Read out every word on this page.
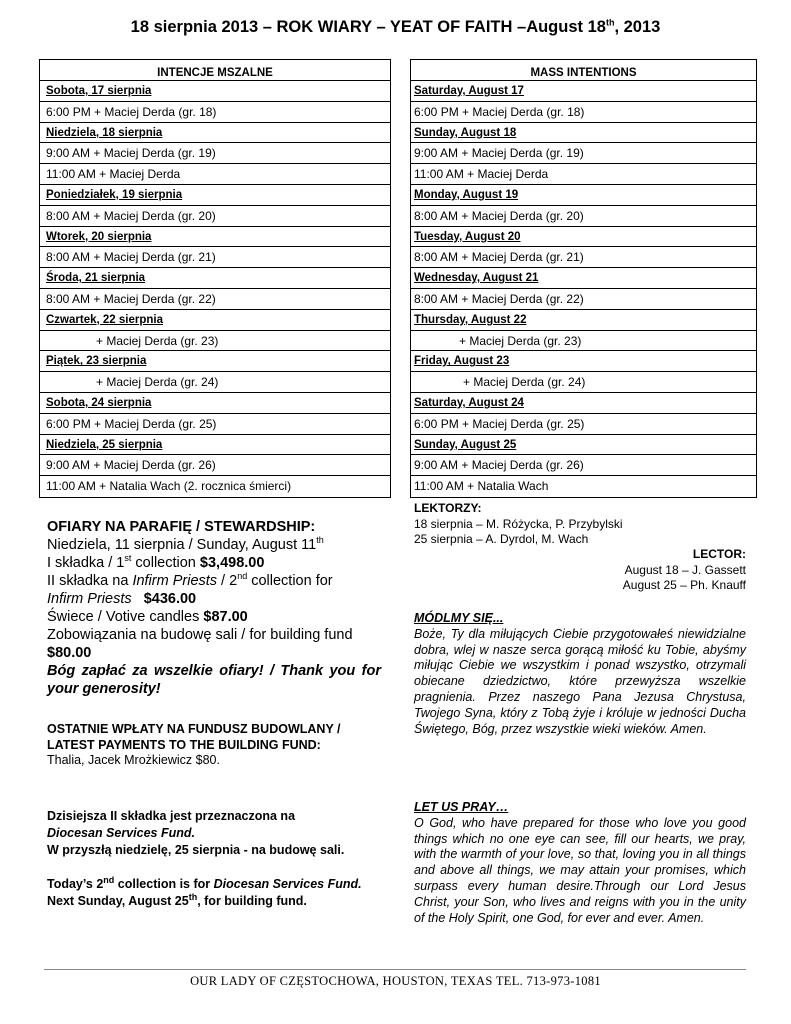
18 sierpnia 2013 – ROK WIARY – YEAT OF FAITH –August 18th, 2013
INTENCJE MSZALNE
Sobota, 17 sierpnia
6:00 PM + Maciej Derda (gr. 18)
Niedziela, 18 sierpnia
9:00 AM + Maciej Derda (gr. 19)
11:00 AM + Maciej Derda
Poniedziałek, 19 sierpnia
8:00 AM + Maciej Derda (gr. 20)
Wtorek, 20 sierpnia
8:00 AM + Maciej Derda (gr. 21)
Środa, 21 sierpnia
8:00 AM + Maciej Derda (gr. 22)
Czwartek, 22 sierpnia
+ Maciej Derda (gr. 23)
Piątek, 23 sierpnia
+ Maciej Derda (gr. 24)
Sobota, 24 sierpnia
6:00 PM + Maciej Derda (gr. 25)
Niedziela, 25 sierpnia
9:00 AM + Maciej Derda (gr. 26)
11:00 AM + Natalia Wach (2. rocznica śmierci)
MASS INTENTIONS
Saturday, August 17
6:00 PM + Maciej Derda (gr. 18)
Sunday, August 18
9:00 AM + Maciej Derda (gr. 19)
11:00 AM + Maciej Derda
Monday, August 19
8:00 AM + Maciej Derda (gr. 20)
Tuesday, August 20
8:00 AM + Maciej Derda (gr. 21)
Wednesday, August 21
8:00 AM + Maciej Derda (gr. 22)
Thursday, August 22
+ Maciej Derda (gr. 23)
Friday, August 23
+ Maciej Derda (gr. 24)
Saturday, August 24
6:00 PM + Maciej Derda (gr. 25)
Sunday, August 25
9:00 AM + Maciej Derda (gr. 26)
11:00 AM + Natalia Wach
OFIARY NA PARAFIĘ / STEWARDSHIP:
Niedziela, 11 sierpnia / Sunday, August 11th
I składka / 1st collection $3,498.00
II składka na Infirm Priests / 2nd collection for
Infirm Priests $436.00
Świece / Votive candles $87.00
Zobowiązania na budowę sali / for building fund
$80.00
Bóg zapłać za wszelkie ofiary! / Thank you for your generosity!
OSTATNIE WPŁATY NA FUNDUSZ BUDOWLANY / LATEST PAYMENTS TO THE BUILDING FUND:
Thalia, Jacek Mrożkiewicz $80.
Dzisiejsza II składka jest przeznaczona na
Diocesan Services Fund.
W przyszłą niedzielę, 25 sierpnia - na budowę sali.
Today’s 2nd collection is for Diocesan Services Fund.
Next Sunday, August 25th, for building fund.
LEKTORZY:
18 sierpnia – M. Różycka, P. Przybylski
25 sierpnia – A. Dyrdol, M. Wach
LECTOR:
August 18 – J. Gassett
August 25 – Ph. Knauff
MÓDLMY SIĘ...
Boże, Ty dla miłujących Ciebie przygotowałeś niewidzialne dobra, wlej w nasze serca gorącą miłość ku Tobie, abyśmy miłując Ciebie we wszystkim i ponad wszystko, otrzymali obiecane dziedzictwo, które przewyższa wszelkie pragnienia. Przez naszego Pana Jezusa Chrystusa, Twojego Syna, który z Tobą żyje i króluje w jedności Ducha Świętego, Bóg, przez wszystkie wieki wieków. Amen.
LET US PRAY…
O God, who have prepared for those who love you good things which no one eye can see, fill our hearts, we pray, with the warmth of your love, so that, loving you in all things and above all things, we may attain your promises, which surpass every human desire.Through our Lord Jesus Christ, your Son, who lives and reigns with you in the unity of the Holy Spirit, one God, for ever and ever. Amen.
OUR LADY OF CZĘSTOCHOWA, HOUSTON, TEXAS TEL. 713-973-1081
